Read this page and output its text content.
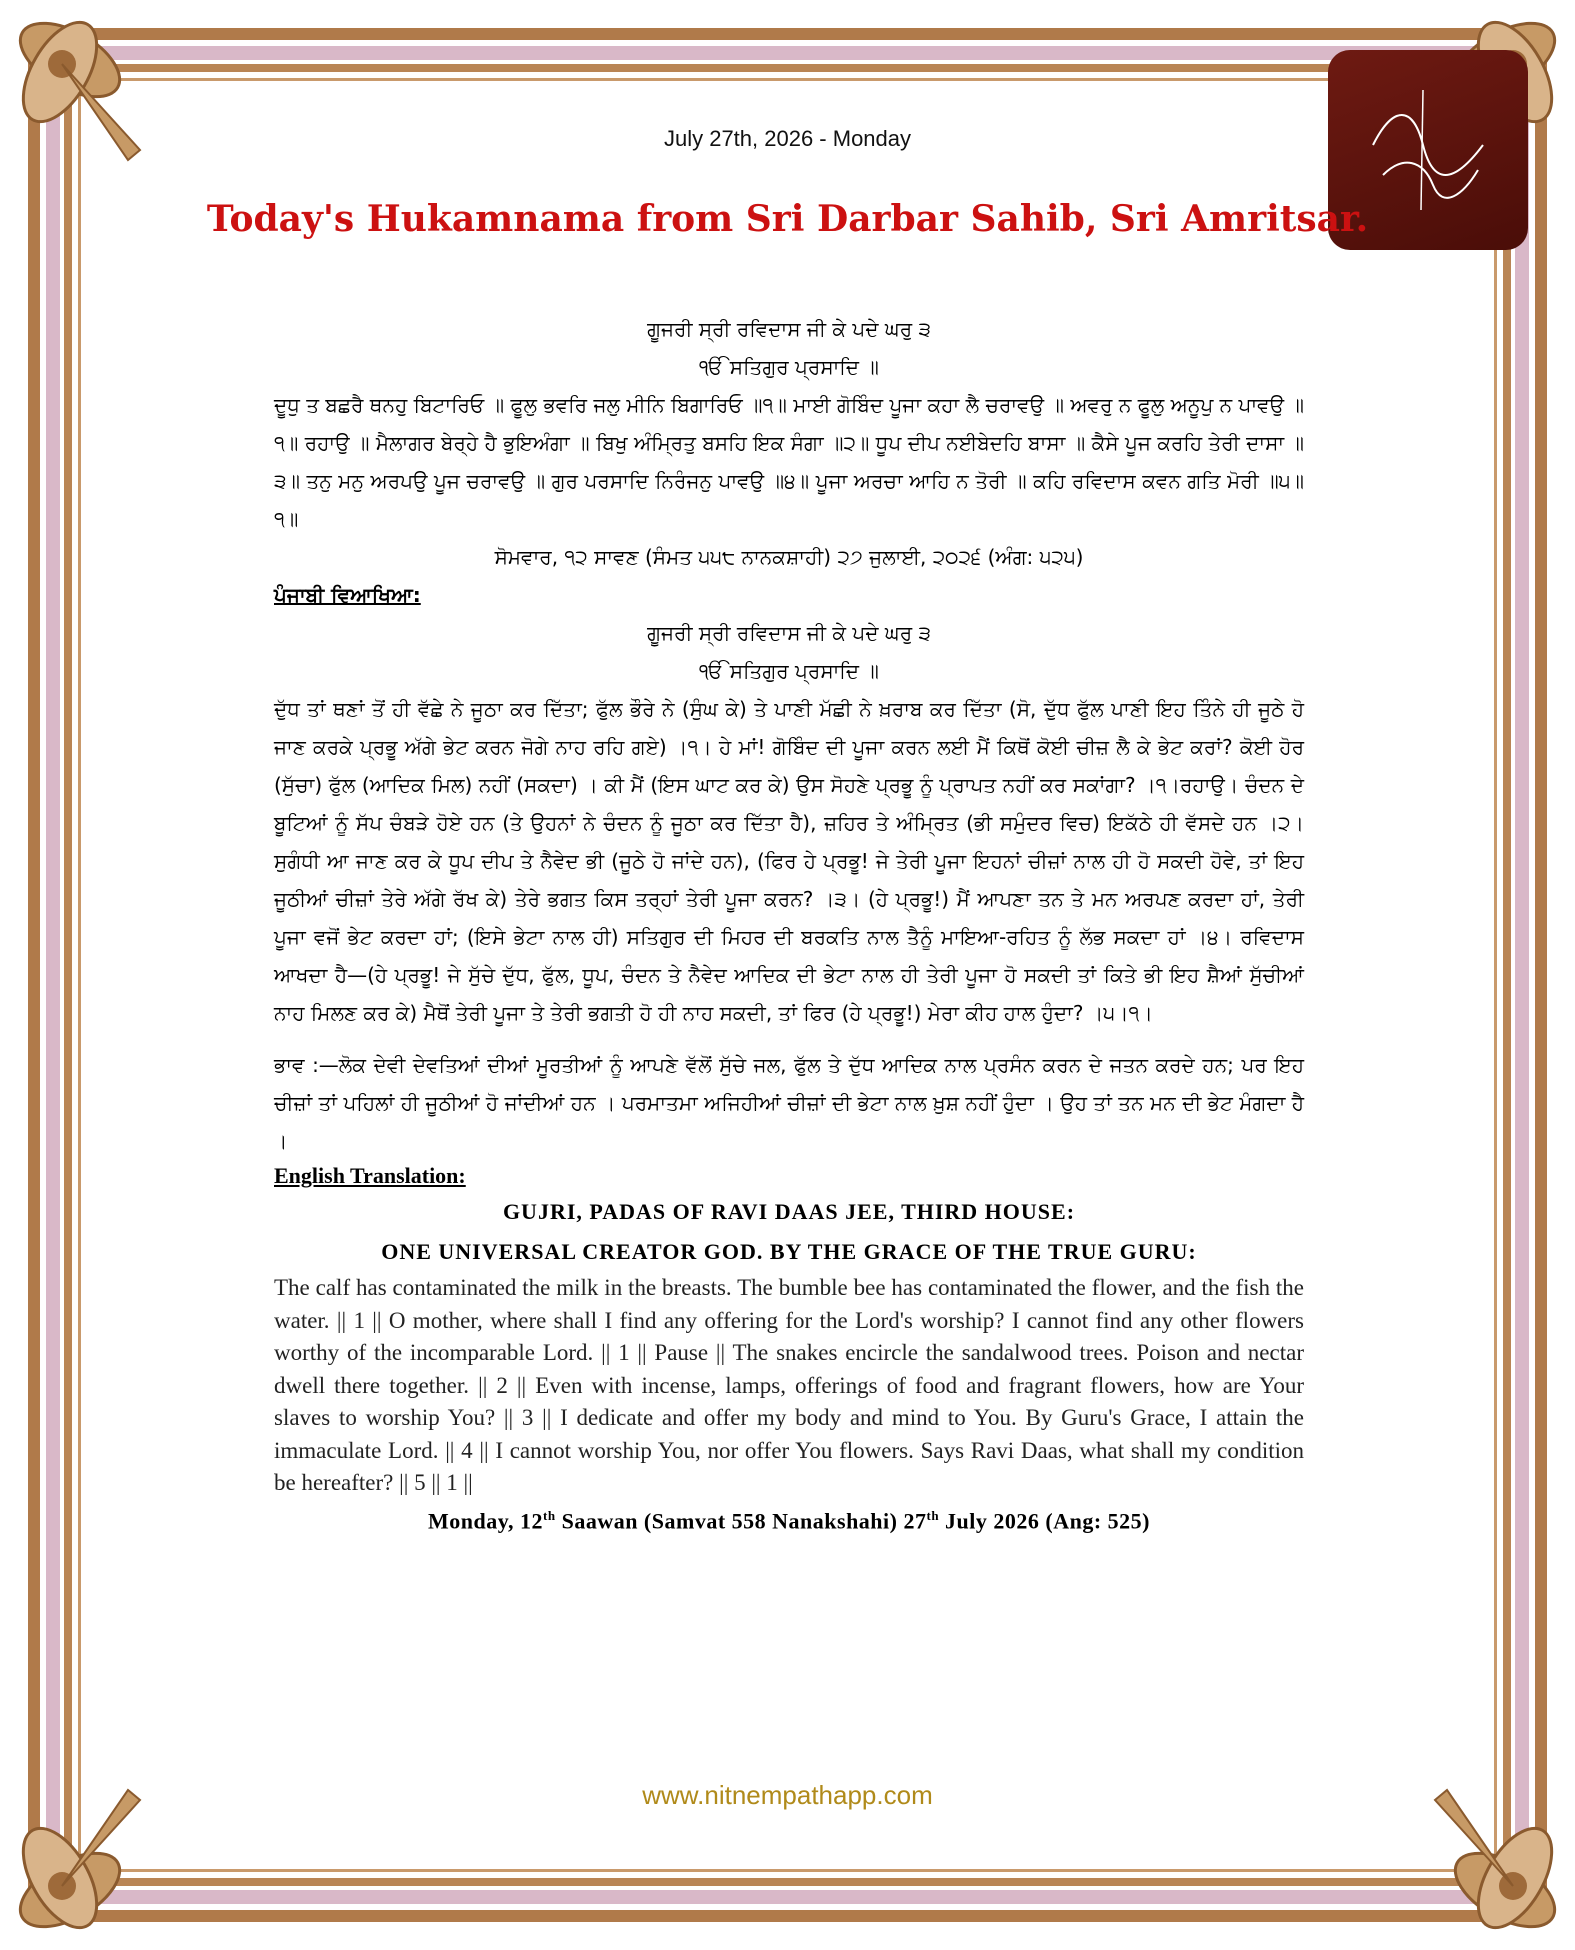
July 27th, 2026 - Monday
Today's Hukamnama from Sri Darbar Sahib, Sri Amritsar.
ਗੂਜਰੀ ਸ੍ਰੀ ਰਵਿਦਾਸ ਜੀ ਕੇ ਪਦੇ ਘਰੁ ੩
ੴ ਸਤਿਗੁਰ ਪ੍ਰਸਾਦਿ ॥
ਦੂਧੁ ਤ ਬਛਰੈ ਥਨਹੁ ਬਿਟਾਰਿਓ ॥ ਫੂਲੁ ਭਵਰਿ ਜਲੁ ਮੀਨਿ ਬਿਗਾਰਿਓ ॥੧॥ ਮਾਈ ਗੋਬਿੰਦ ਪੂਜਾ ਕਹਾ ਲੈ ਚਰਾਵਉ ॥ ਅਵਰੁ ਨ ਫੂਲੁ ਅਨੂਪੁ ਨ ਪਾਵਉ ॥੧॥ ਰਹਾਉ ॥ ਮੈਲਾਗਰ ਬੇਰ੍ਹੇ ਹੈ ਭੁਇਅੰਗਾ ॥ ਬਿਖੁ ਅੰਮ੍ਰਿਤੁ ਬਸਹਿ ਇਕ ਸੰਗਾ ॥੨॥ ਧੂਪ ਦੀਪ ਨਈਬੇਦਹਿ ਬਾਸਾ ॥ ਕੈਸੇ ਪੂਜ ਕਰਹਿ ਤੇਰੀ ਦਾਸਾ ॥੩॥ ਤਨੁ ਮਨੁ ਅਰਪਉ ਪੂਜ ਚਰਾਵਉ ॥ ਗੁਰ ਪਰਸਾਦਿ ਨਿਰੰਜਨੁ ਪਾਵਉ ॥੪॥ ਪੂਜਾ ਅਰਚਾ ਆਹਿ ਨ ਤੋਰੀ ॥ ਕਹਿ ਰਵਿਦਾਸ ਕਵਨ ਗਤਿ ਮੋਰੀ ॥੫॥੧॥
ਸੋਮਵਾਰ, ੧੨ ਸਾਵਣ (ਸੰਮਤ ੫੫੮ ਨਾਨਕਸ਼ਾਹੀ) ੨੭ ਜੁਲਾਈ, ੨੦੨੬ (ਅੰਗ: ੫੨੫)
ਪੰਜਾਬੀ ਵਿਆਖਿਆ:
ਗੂਜਰੀ ਸ੍ਰੀ ਰਵਿਦਾਸ ਜੀ ਕੇ ਪਦੇ ਘਰੁ ੩
ੴ ਸਤਿਗੁਰ ਪ੍ਰਸਾਦਿ ॥
ਦੁੱਧ ਤਾਂ ਥਣਾਂ ਤੋਂ ਹੀ ਵੱਛੇ ਨੇ ਜੂਠਾ ਕਰ ਦਿੱਤਾ; ਫੁੱਲ ਭੌਰੇ ਨੇ (ਸੁੰਘ ਕੇ) ਤੇ ਪਾਣੀ ਮੱਛੀ ਨੇ ਖ਼ਰਾਬ ਕਰ ਦਿੱਤਾ (ਸੋ, ਦੁੱਧ ਫੁੱਲ ਪਾਣੀ ਇਹ ਤਿੰਨੇ ਹੀ ਜੂਠੇ ਹੋ ਜਾਣ ਕਰਕੇ ਪ੍ਰਭੂ ਅੱਗੇ ਭੇਟ ਕਰਨ ਜੋਗੇ ਨਾਹ ਰਹਿ ਗਏ) ।੧। ਹੇ ਮਾਂ! ਗੋਬਿੰਦ ਦੀ ਪੂਜਾ ਕਰਨ ਲਈ ਮੈਂ ਕਿਥੋਂ ਕੋਈ ਚੀਜ਼ ਲੈ ਕੇ ਭੇਟ ਕਰਾਂ? ਕੋਈ ਹੋਰ (ਸੁੱਚਾ) ਫੁੱਲ (ਆਦਿਕ ਮਿਲ) ਨਹੀਂ (ਸਕਦਾ) । ਕੀ ਮੈਂ (ਇਸ ਘਾਟ ਕਰ ਕੇ) ਉਸ ਸੋਹਣੇ ਪ੍ਰਭੂ ਨੂੰ ਪ੍ਰਾਪਤ ਨਹੀਂ ਕਰ ਸਕਾਂਗਾ? ।੧।ਰਹਾਉ। ਚੰਦਨ ਦੇ ਬੂਟਿਆਂ ਨੂੰ ਸੱਪ ਚੰਬੜੇ ਹੋਏ ਹਨ (ਤੇ ਉਹਨਾਂ ਨੇ ਚੰਦਨ ਨੂੰ ਜੂਠਾ ਕਰ ਦਿੱਤਾ ਹੈ), ਜ਼ਹਿਰ ਤੇ ਅੰਮ੍ਰਿਤ (ਭੀ ਸਮੁੰਦਰ ਵਿਚ) ਇਕੱਠੇ ਹੀ ਵੱਸਦੇ ਹਨ ।੨। ਸੁਗੰਧੀ ਆ ਜਾਣ ਕਰ ਕੇ ਧੂਪ ਦੀਪ ਤੇ ਨੈਵੇਦ ਭੀ (ਜੂਠੇ ਹੋ ਜਾਂਦੇ ਹਨ), (ਫਿਰ ਹੇ ਪ੍ਰਭੂ! ਜੇ ਤੇਰੀ ਪੂਜਾ ਇਹਨਾਂ ਚੀਜ਼ਾਂ ਨਾਲ ਹੀ ਹੋ ਸਕਦੀ ਹੋਵੇ, ਤਾਂ ਇਹ ਜੂਠੀਆਂ ਚੀਜ਼ਾਂ ਤੇਰੇ ਅੱਗੇ ਰੱਖ ਕੇ) ਤੇਰੇ ਭਗਤ ਕਿਸ ਤਰ੍ਹਾਂ ਤੇਰੀ ਪੂਜਾ ਕਰਨ? ।੩। (ਹੇ ਪ੍ਰਭੂ!) ਮੈਂ ਆਪਣਾ ਤਨ ਤੇ ਮਨ ਅਰਪਣ ਕਰਦਾ ਹਾਂ, ਤੇਰੀ ਪੂਜਾ ਵਜੋਂ ਭੇਟ ਕਰਦਾ ਹਾਂ; (ਇਸੇ ਭੇਟਾ ਨਾਲ ਹੀ) ਸਤਿਗੁਰ ਦੀ ਮਿਹਰ ਦੀ ਬਰਕਤਿ ਨਾਲ ਤੈਨੂੰ ਮਾਇਆ-ਰਹਿਤ ਨੂੰ ਲੱਭ ਸਕਦਾ ਹਾਂ ।੪। ਰਵਿਦਾਸ ਆਖਦਾ ਹੈ—(ਹੇ ਪ੍ਰਭੂ! ਜੇ ਸੁੱਚੇ ਦੁੱਧ, ਫੁੱਲ, ਧੂਪ, ਚੰਦਨ ਤੇ ਨੈਵੇਦ ਆਦਿਕ ਦੀ ਭੇਟਾ ਨਾਲ ਹੀ ਤੇਰੀ ਪੂਜਾ ਹੋ ਸਕਦੀ ਤਾਂ ਕਿਤੇ ਭੀ ਇਹ ਸ਼ੈਆਂ ਸੁੱਚੀਆਂ ਨਾਹ ਮਿਲਣ ਕਰ ਕੇ) ਮੈਥੋਂ ਤੇਰੀ ਪੂਜਾ ਤੇ ਤੇਰੀ ਭਗਤੀ ਹੋ ਹੀ ਨਾਹ ਸਕਦੀ, ਤਾਂ ਫਿਰ (ਹੇ ਪ੍ਰਭੂ!) ਮੇਰਾ ਕੀਹ ਹਾਲ ਹੁੰਦਾ? ।੫।੧।
ਭਾਵ :—ਲੋਕ ਦੇਵੀ ਦੇਵਤਿਆਂ ਦੀਆਂ ਮੂਰਤੀਆਂ ਨੂੰ ਆਪਣੇ ਵੱਲੋਂ ਸੁੱਚੇ ਜਲ, ਫੁੱਲ ਤੇ ਦੁੱਧ ਆਦਿਕ ਨਾਲ ਪ੍ਰਸੰਨ ਕਰਨ ਦੇ ਜਤਨ ਕਰਦੇ ਹਨ; ਪਰ ਇਹ ਚੀਜ਼ਾਂ ਤਾਂ ਪਹਿਲਾਂ ਹੀ ਜੂਠੀਆਂ ਹੋ ਜਾਂਦੀਆਂ ਹਨ । ਪਰਮਾਤਮਾ ਅਜਿਹੀਆਂ ਚੀਜ਼ਾਂ ਦੀ ਭੇਟਾ ਨਾਲ ਖ਼ੁਸ਼ ਨਹੀਂ ਹੁੰਦਾ । ਉਹ ਤਾਂ ਤਨ ਮਨ ਦੀ ਭੇਟ ਮੰਗਦਾ ਹੈ ।
English Translation:
GUJRI, PADAS OF RAVI DAAS JEE, THIRD HOUSE:
ONE UNIVERSAL CREATOR GOD. BY THE GRACE OF THE TRUE GURU:
The calf has contaminated the milk in the breasts. The bumble bee has contaminated the flower, and the fish the water. || 1 || O mother, where shall I find any offering for the Lord's worship? I cannot find any other flowers worthy of the incomparable Lord. || 1 || Pause || The snakes encircle the sandalwood trees. Poison and nectar dwell there together. || 2 || Even with incense, lamps, offerings of food and fragrant flowers, how are Your slaves to worship You? || 3 || I dedicate and offer my body and mind to You. By Guru's Grace, I attain the immaculate Lord. || 4 || I cannot worship You, nor offer You flowers. Says Ravi Daas, what shall my condition be hereafter? || 5 || 1 ||
Monday, 12th Saawan (Samvat 558 Nanakshahi) 27th July 2026 (Ang: 525)
www.nitnempathapp.com
